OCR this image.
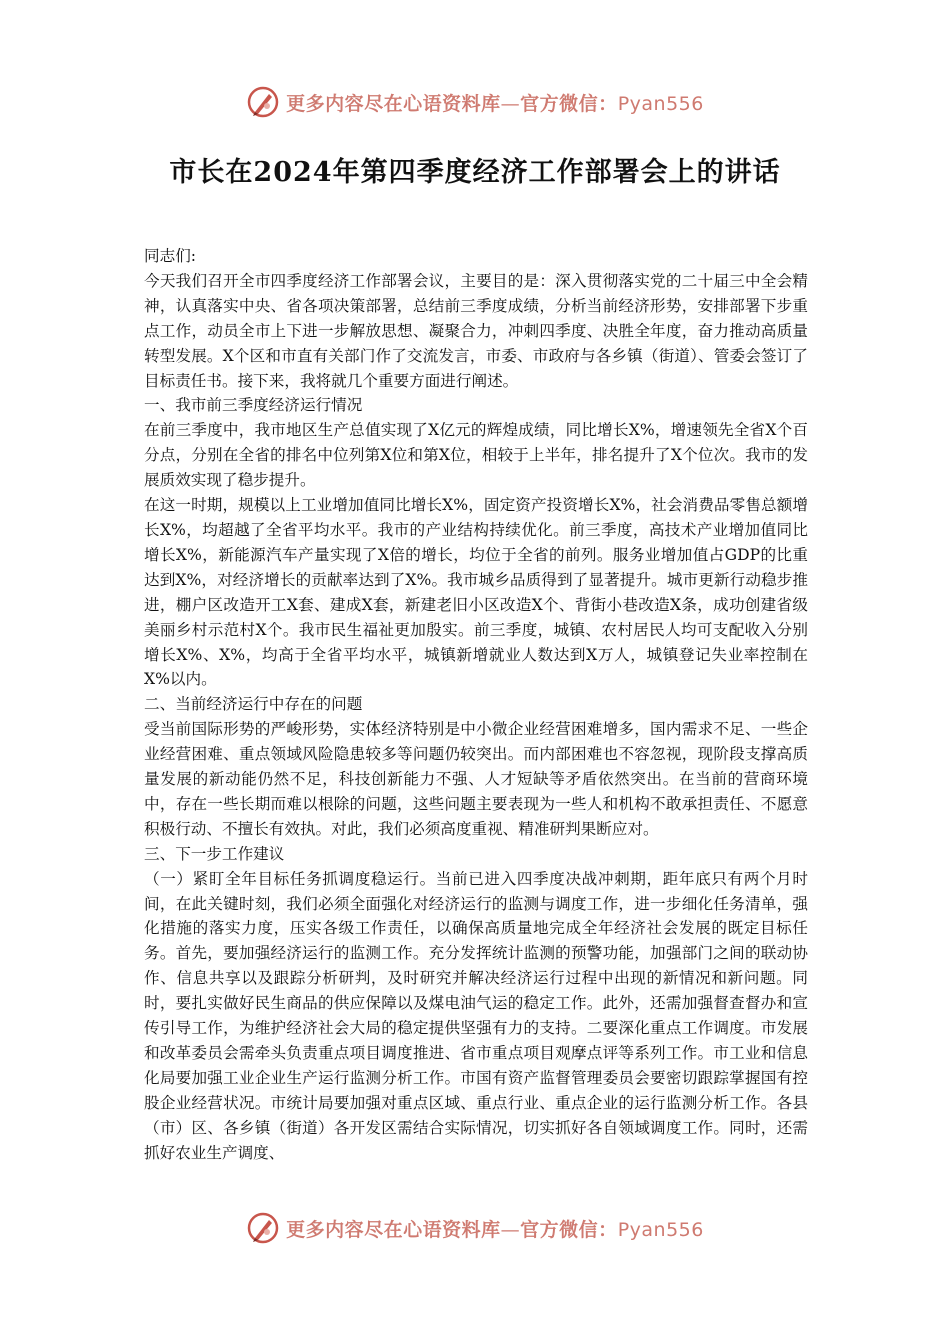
更多内容尽在心语资料库—官方微信：Pyan556
市长在2024年第四季度经济工作部署会上的讲话

同志们:

今天我们召开全市四季度经济工作部署会议，主要目的是：深入贯彻落实党的二十届三中全会精神，认真落实中央、省各项决策部署，总结前三季度成绩，分析当前经济形势，安排部署下步重点工作，动员全市上下进一步解放思想、凝聚合力，冲刺四季度、决胜全年度，奋力推动高质量转型发展。X个区和市直有关部门作了交流发言，市委、市政府与各乡镇（街道）、管委会签订了目标责任书。接下来，我将就几个重要方面进行阐述。

一、我市前三季度经济运行情况

在前三季度中，我市地区生产总值实现了X亿元的辉煌成绩，同比增长X%，增速领先全省X个百分点，分别在全省的排名中位列第X位和第X位，相较于上半年，排名提升了X个位次。我市的发展质效实现了稳步提升。

在这一时期，规模以上工业增加值同比增长X%，固定资产投资增长X%，社会消费品零售总额增长X%，均超越了全省平均水平。我市的产业结构持续优化。前三季度，高技术产业增加值同比增长X%，新能源汽车产量实现了X倍的增长，均位于全省的前列。服务业增加值占GDP的比重达到X%，对经济增长的贡献率达到了X%。我市城乡品质得到了显著提升。城市更新行动稳步推进，棚户区改造开工X套、建成X套，新建老旧小区改造X个、背街小巷改造X条，成功创建省级美丽乡村示范村X个。我市民生福祉更加殷实。前三季度，城镇、农村居民人均可支配收入分别增长X%、X%，均高于全省平均水平，城镇新增就业人数达到X万人，城镇登记失业率控制在X%以内。

二、当前经济运行中存在的问题

受当前国际形势的严峻形势，实体经济特别是中小微企业经营困难增多，国内需求不足、一些企业经营困难、重点领域风险隐患较多等问题仍较突出。而内部困难也不容忽视，现阶段支撑高质量发展的新动能仍然不足，科技创新能力不强、人才短缺等矛盾依然突出。在当前的营商环境中，存在一些长期而难以根除的问题，这些问题主要表现为一些人和机构不敢承担责任、不愿意积极行动、不擅长有效执。对此，我们必须高度重视、精准研判果断应对。

三、下一步工作建议

（一）紧盯全年目标任务抓调度稳运行。当前已进入四季度决战冲刺期，距年底只有两个月时间，在此关键时刻，我们必须全面强化对经济运行的监测与调度工作，进一步细化任务清单，强化措施的落实力度，压实各级工作责任，以确保高质量地完成全年经济社会发展的既定目标任务。首先，要加强经济运行的监测工作。充分发挥统计监测的预警功能，加强部门之间的联动协作、信息共享以及跟踪分析研判，及时研究并解决经济运行过程中出现的新情况和新问题。同时，要扎实做好民生商品的供应保障以及煤电油气运的稳定工作。此外，还需加强督查督办和宣传引导工作，为维护经济社会大局的稳定提供坚强有力的支持。二要深化重点工作调度。市发展和改革委员会需牵头负责重点项目调度推进、省市重点项目观摩点评等系列工作。市工业和信息化局要加强工业企业生产运行监测分析工作。市国有资产监督管理委员会要密切跟踪掌握国有控股企业经营状况。市统计局要加强对重点区域、重点行业、重点企业的运行监测分析工作。各县（市）区、各乡镇（街道）各开发区需结合实际情况，切实抓好各自领域调度工作。同时，还需抓好农业生产调度、

更多内容尽在心语资料库—官方微信：Pyan556
